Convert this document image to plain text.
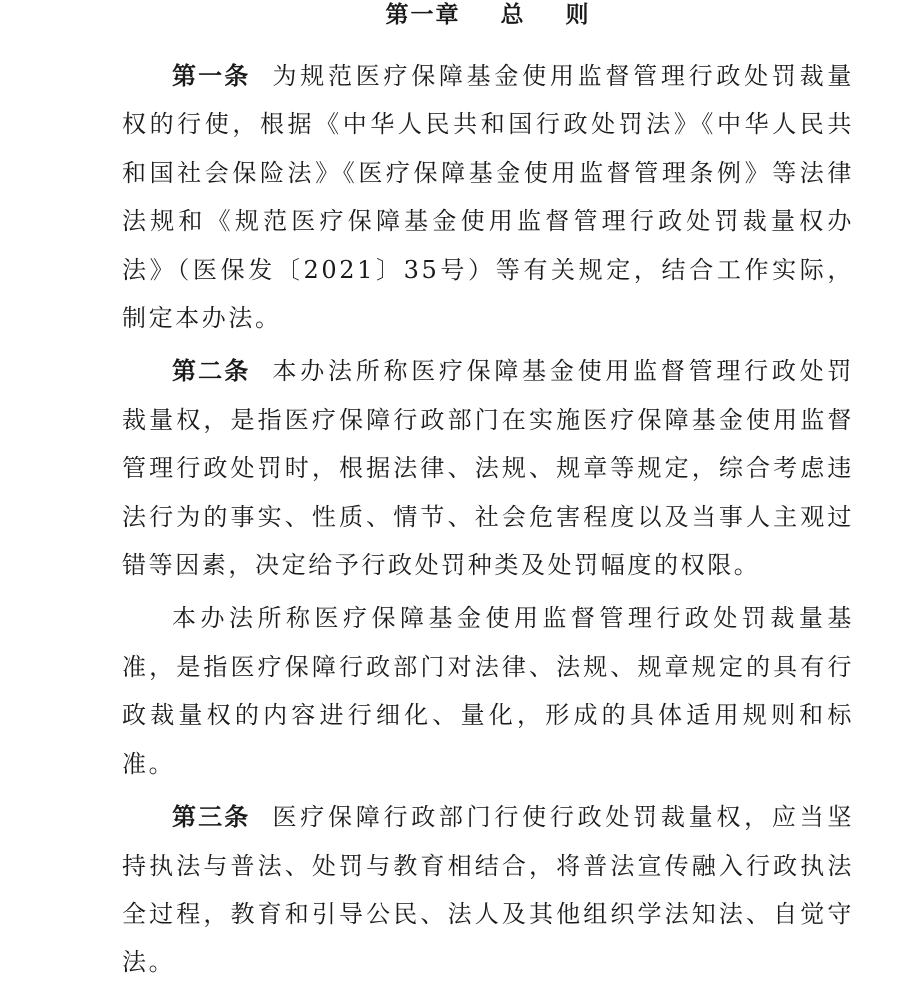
第一章    总    则

第一条 为规范医疗保障基金使用监督管理行政处罚裁量权的行使，根据《中华人民共和国行政处罚法》《中华人民共和国社会保险法》《医疗保障基金使用监督管理条例》等法律法规和《规范医疗保障基金使用监督管理行政处罚裁量权办法》（医保发〔2021〕35号）等有关规定，结合工作实际，制定本办法。

第二条 本办法所称医疗保障基金使用监督管理行政处罚裁量权，是指医疗保障行政部门在实施医疗保障基金使用监督管理行政处罚时，根据法律、法规、规章等规定，综合考虑违法行为的事实、性质、情节、社会危害程度以及当事人主观过错等因素，决定给予行政处罚种类及处罚幅度的权限。

本办法所称医疗保障基金使用监督管理行政处罚裁量基准，是指医疗保障行政部门对法律、法规、规章规定的具有行政裁量权的内容进行细化、量化，形成的具体适用规则和标准。

第三条 医疗保障行政部门行使行政处罚裁量权，应当坚持执法与普法、处罚与教育相结合，将普法宣传融入行政执法全过程，教育和引导公民、法人及其他组织学法知法、自觉守法。
